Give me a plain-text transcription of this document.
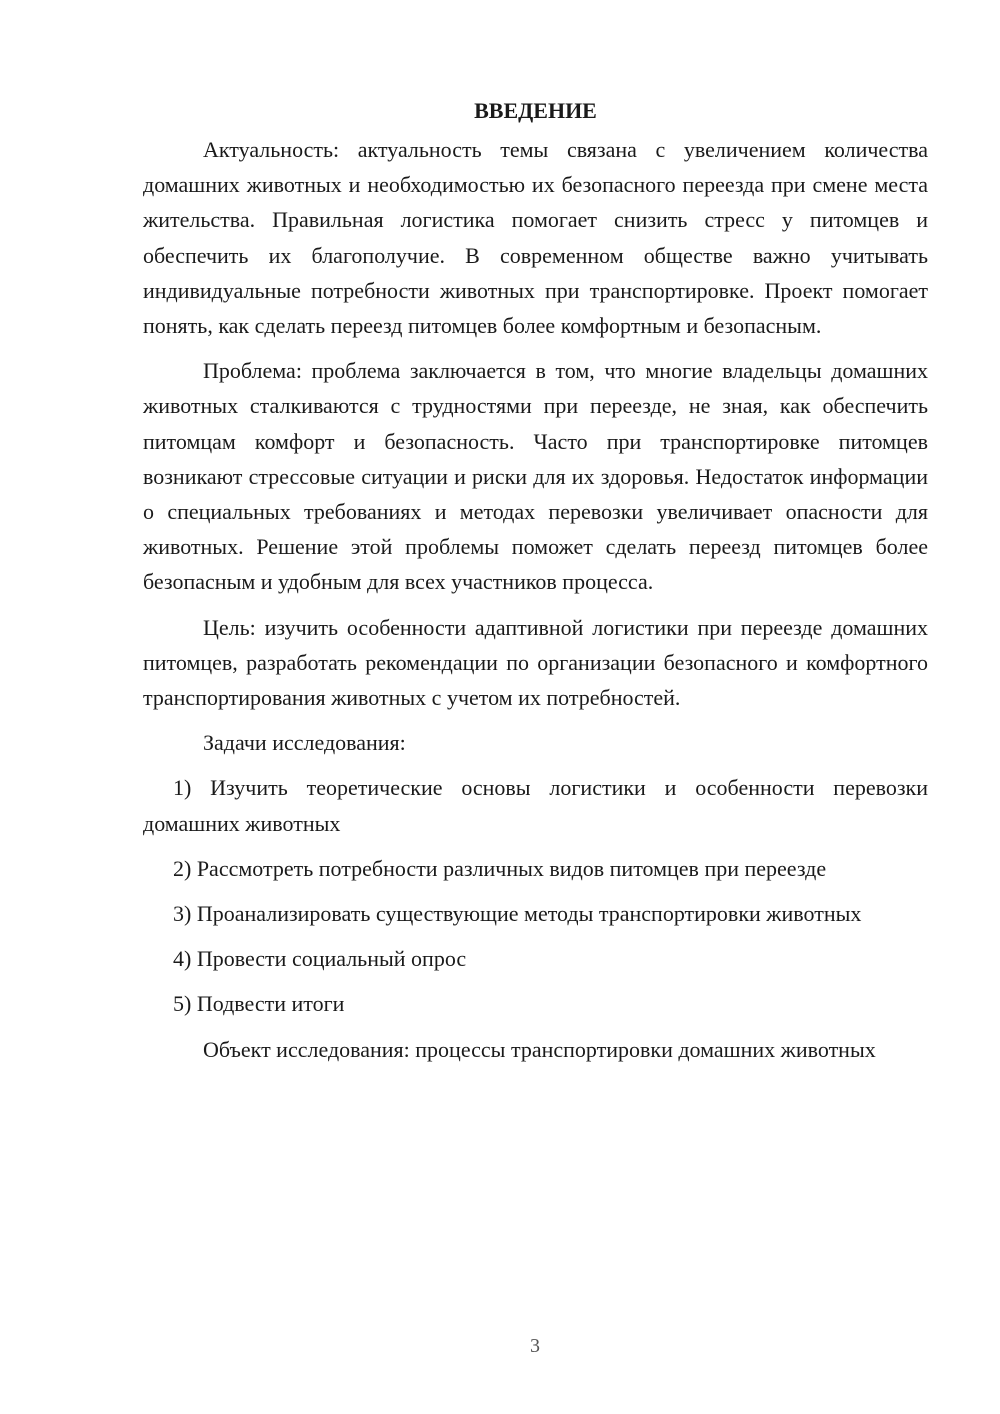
ВВЕДЕНИЕ

Актуальность: актуальность темы связана с увеличением количества домашних животных и необходимостью их безопасного переезда при смене места жительства. Правильная логистика помогает снизить стресс у питомцев и обеспечить их благополучие. В современном обществе важно учитывать индивидуальные потребности животных при транспортировке. Проект помогает понять, как сделать переезд питомцев более комфортным и безопасным.

Проблема: проблема заключается в том, что многие владельцы домашних животных сталкиваются с трудностями при переезде, не зная, как обеспечить питомцам комфорт и безопасность. Часто при транспортировке питомцев возникают стрессовые ситуации и риски для их здоровья. Недостаток информации о специальных требованиях и методах перевозки увеличивает опасности для животных. Решение этой проблемы поможет сделать переезд питомцев более безопасным и удобным для всех участников процесса.

Цель: изучить особенности адаптивной логистики при переезде домашних питомцев, разработать рекомендации по организации безопасного и комфортного транспортирования животных с учетом их потребностей.

Задачи исследования:

1) Изучить теоретические основы логистики и особенности перевозки домашних животных

2) Рассмотреть потребности различных видов питомцев при переезде

3) Проанализировать существующие методы транспортировки животных

4) Провести социальный опрос

5) Подвести итоги

Объект исследования: процессы транспортировки домашних животных

3
